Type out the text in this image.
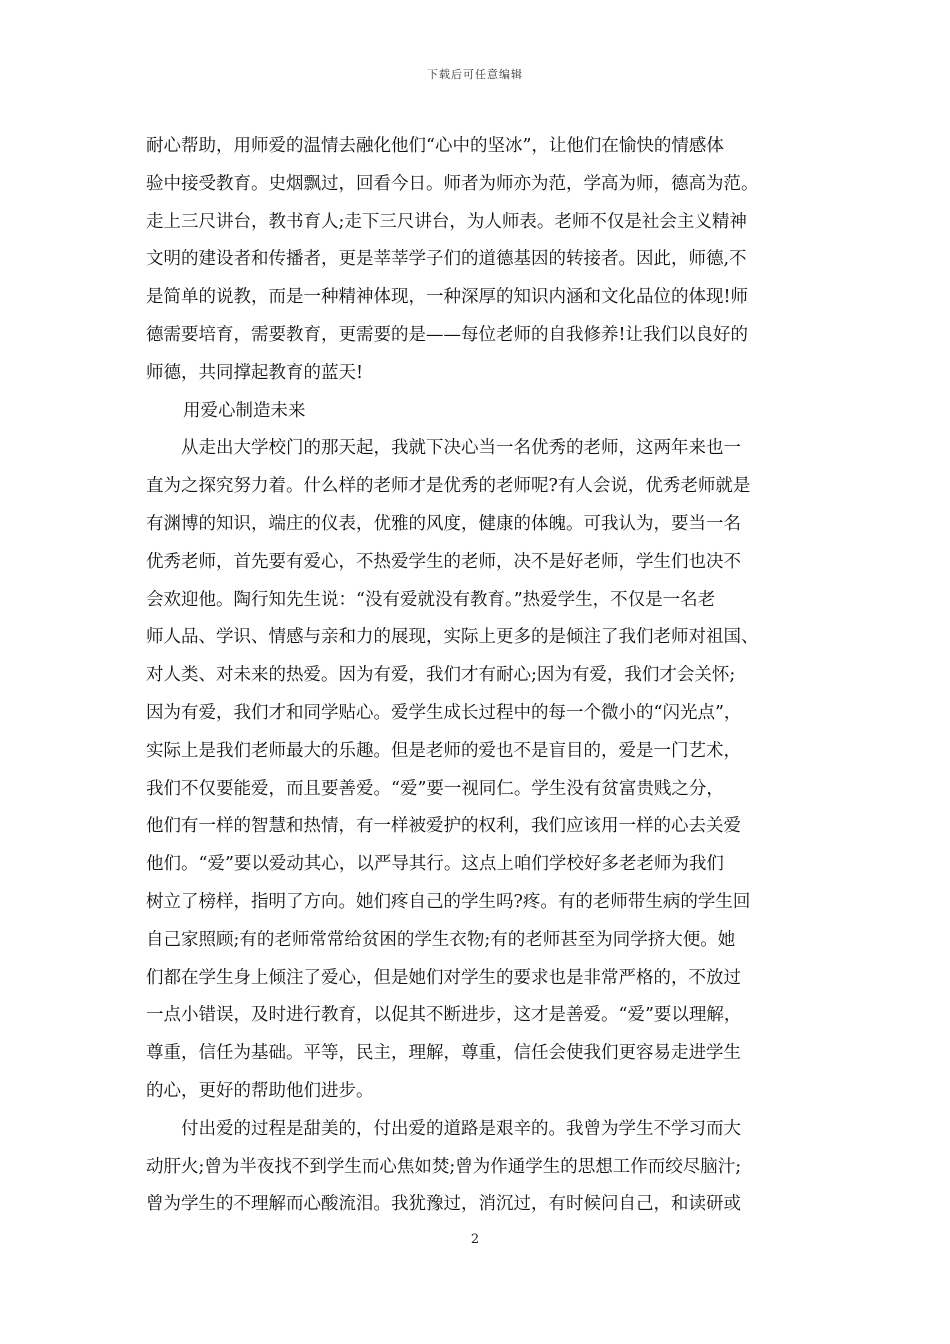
下载后可任意编辑
耐心帮助，用师爱的温情去融化他们“心中的坚冰”，让他们在愉快的情感体
验中接受教育。史烟飘过，回看今日。师者为师亦为范，学高为师，德高为范。
走上三尺讲台，教书育人;走下三尺讲台，为人师表。老师不仅是社会主义精神
文明的建设者和传播者，更是莘莘学子们的道德基因的转接者。因此，师德,不
是简单的说教，而是一种精神体现，一种深厚的知识内涵和文化品位的体现!师
德需要培育，需要教育，更需要的是——每位老师的自我修养!让我们以良好的
师德，共同撑起教育的蓝天!
　　用爱心制造未来
　　从走出大学校门的那天起，我就下决心当一名优秀的老师，这两年来也一
直为之探究努力着。什么样的老师才是优秀的老师呢?有人会说，优秀老师就是
有渊博的知识，端庄的仪表，优雅的风度，健康的体魄。可我认为，要当一名
优秀老师，首先要有爱心，不热爱学生的老师，决不是好老师，学生们也决不
会欢迎他。陶行知先生说：“没有爱就没有教育。”热爱学生，不仅是一名老
师人品、学识、情感与亲和力的展现，实际上更多的是倾注了我们老师对祖国、
对人类、对未来的热爱。因为有爱，我们才有耐心;因为有爱，我们才会关怀;
因为有爱，我们才和同学贴心。爱学生成长过程中的每一个微小的“闪光点”，
实际上是我们老师最大的乐趣。但是老师的爱也不是盲目的，爱是一门艺术，
我们不仅要能爱，而且要善爱。“爱”要一视同仁。学生没有贫富贵贱之分，
他们有一样的智慧和热情，有一样被爱护的权利，我们应该用一样的心去关爱
他们。“爱”要以爱动其心，以严导其行。这点上咱们学校好多老老师为我们
树立了榜样，指明了方向。她们疼自己的学生吗?疼。有的老师带生病的学生回
自己家照顾;有的老师常常给贫困的学生衣物;有的老师甚至为同学挤大便。她
们都在学生身上倾注了爱心，但是她们对学生的要求也是非常严格的，不放过
一点小错误，及时进行教育，以促其不断进步，这才是善爱。“爱”要以理解，
尊重，信任为基础。平等，民主，理解，尊重，信任会使我们更容易走进学生
的心，更好的帮助他们进步。
　　付出爱的过程是甜美的，付出爱的道路是艰辛的。我曾为学生不学习而大
动肝火;曾为半夜找不到学生而心焦如焚;曾为作通学生的思想工作而绞尽脑汁;
曾为学生的不理解而心酸流泪。我犹豫过，消沉过，有时候问自己，和读研或
2
